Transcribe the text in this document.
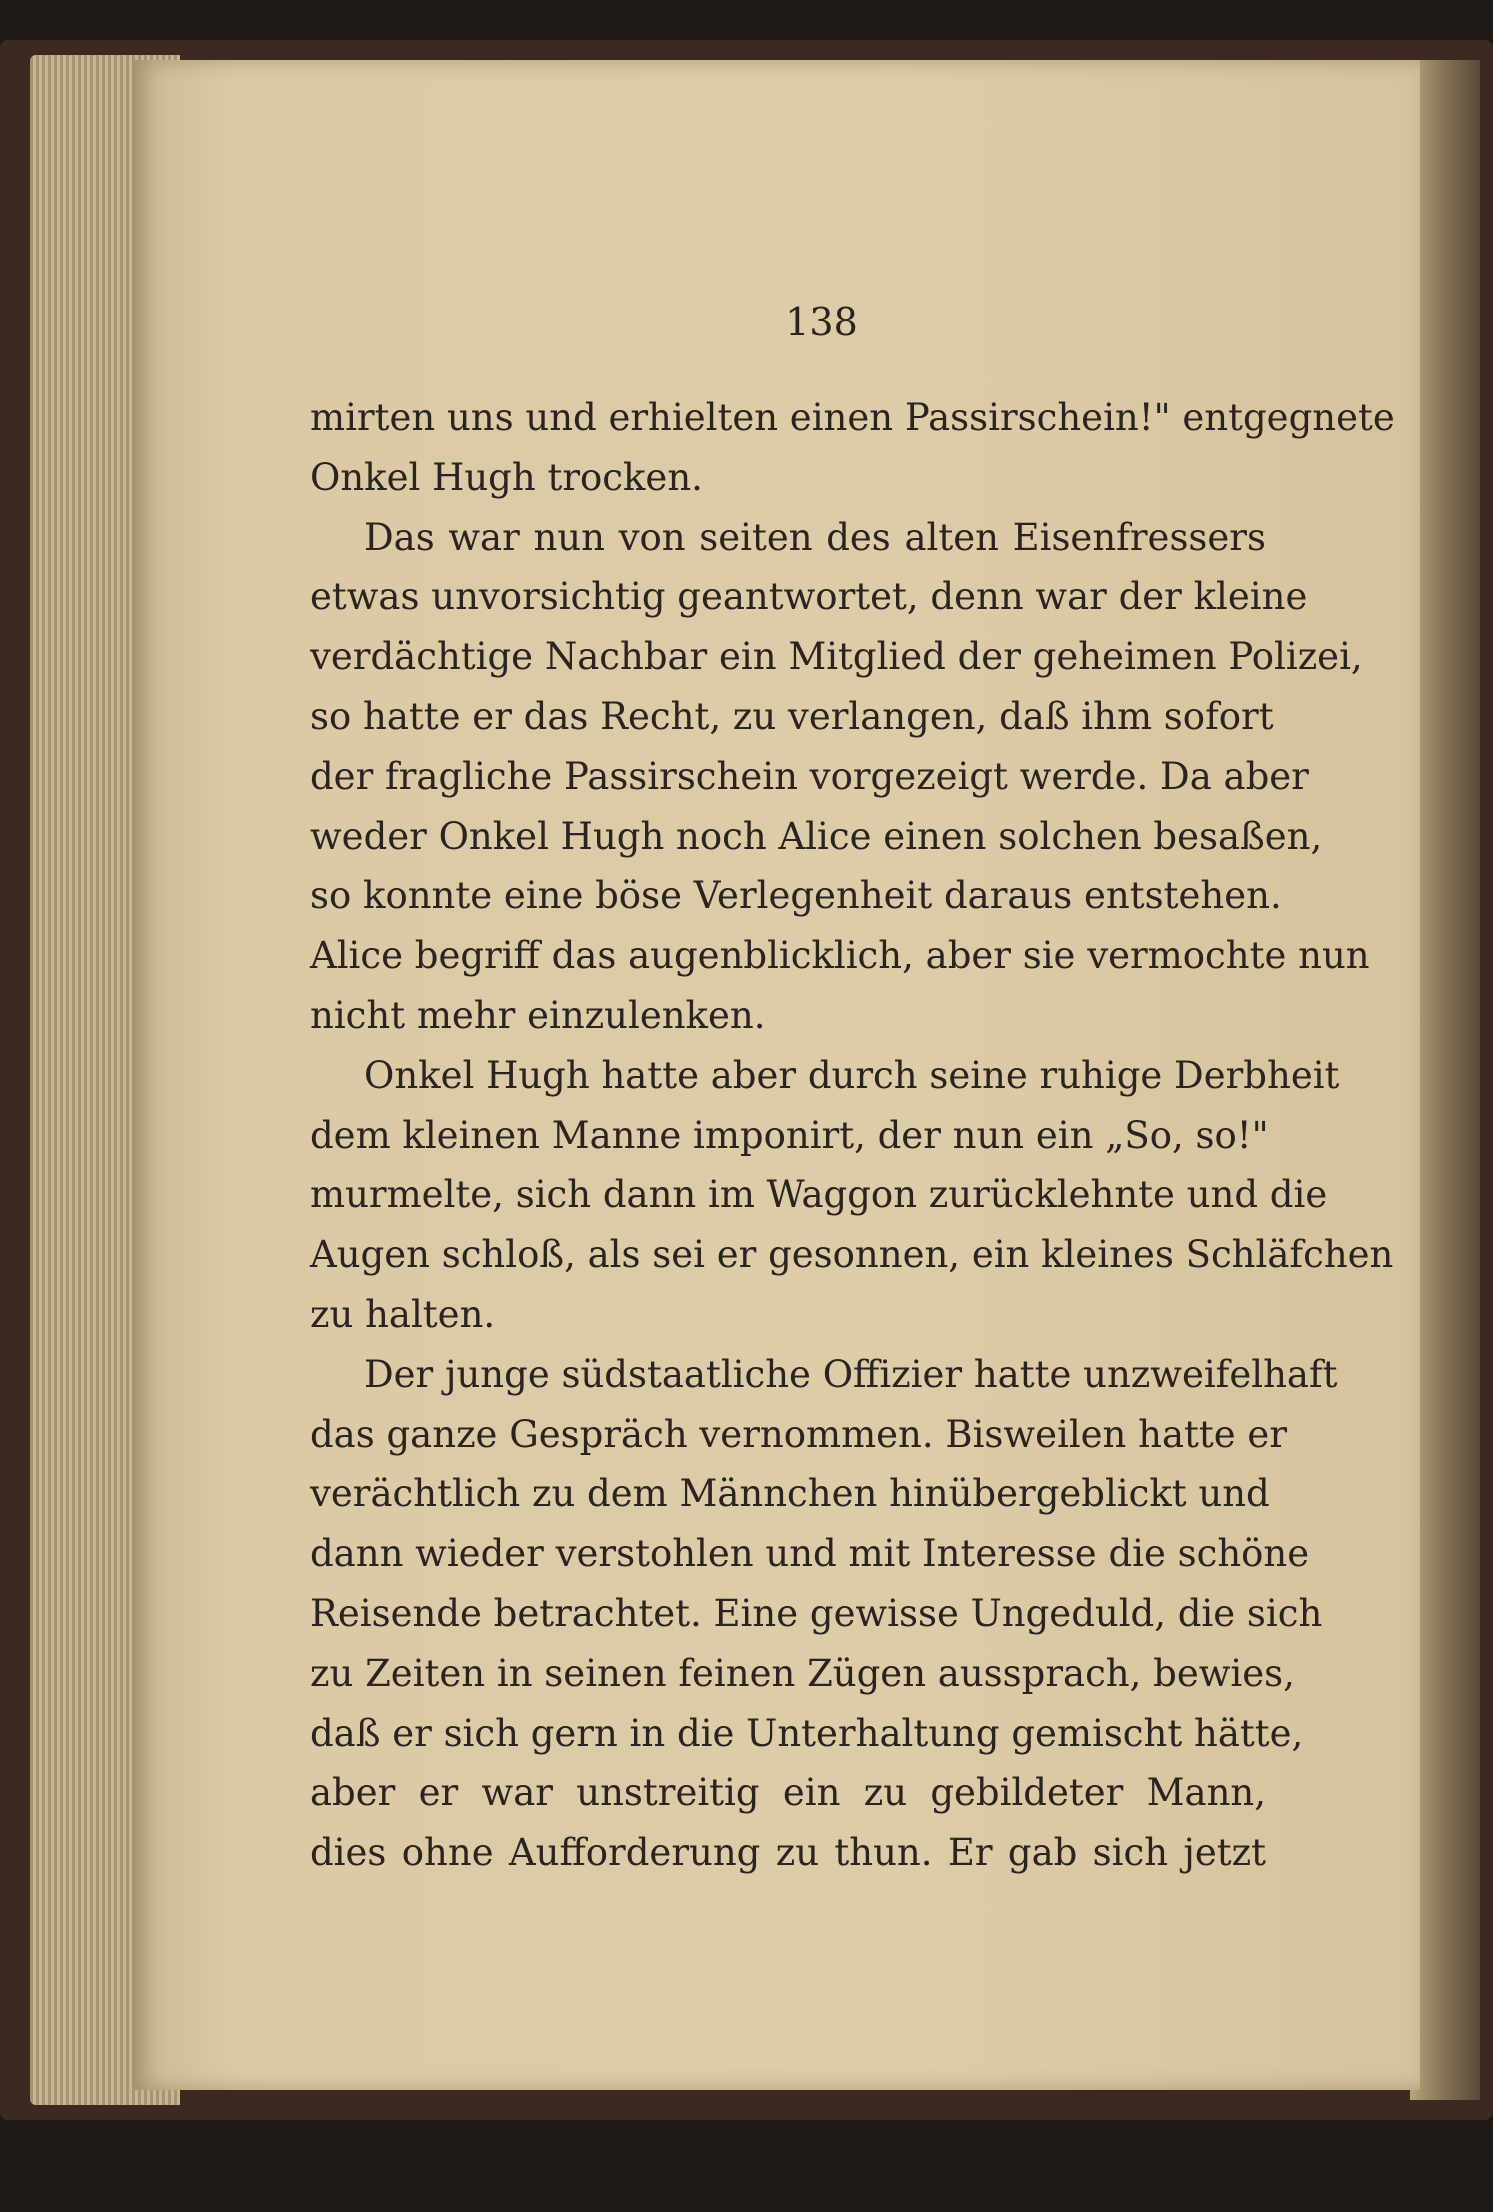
138
mirten uns und erhielten einen Passirschein!" entgegnete
Onkel Hugh trocken.
Das war nun von seiten des alten Eisenfressers
etwas unvorsichtig geantwortet, denn war der kleine
verdächtige Nachbar ein Mitglied der geheimen Polizei,
so hatte er das Recht, zu verlangen, daß ihm sofort
der fragliche Passirschein vorgezeigt werde. Da aber
weder Onkel Hugh noch Alice einen solchen besaßen,
so konnte eine böse Verlegenheit daraus entstehen.
Alice begriff das augenblicklich, aber sie vermochte nun
nicht mehr einzulenken.
Onkel Hugh hatte aber durch seine ruhige Derbheit
dem kleinen Manne imponirt, der nun ein „So, so!"
murmelte, sich dann im Waggon zurücklehnte und die
Augen schloß, als sei er gesonnen, ein kleines Schläfchen
zu halten.
Der junge südstaatliche Offizier hatte unzweifelhaft
das ganze Gespräch vernommen. Bisweilen hatte er
verächtlich zu dem Männchen hinübergeblickt und
dann wieder verstohlen und mit Interesse die schöne
Reisende betrachtet. Eine gewisse Ungeduld, die sich
zu Zeiten in seinen feinen Zügen aussprach, bewies,
daß er sich gern in die Unterhaltung gemischt hätte,
aber er war unstreitig ein zu gebildeter Mann,
dies ohne Aufforderung zu thun. Er gab sich jetzt
